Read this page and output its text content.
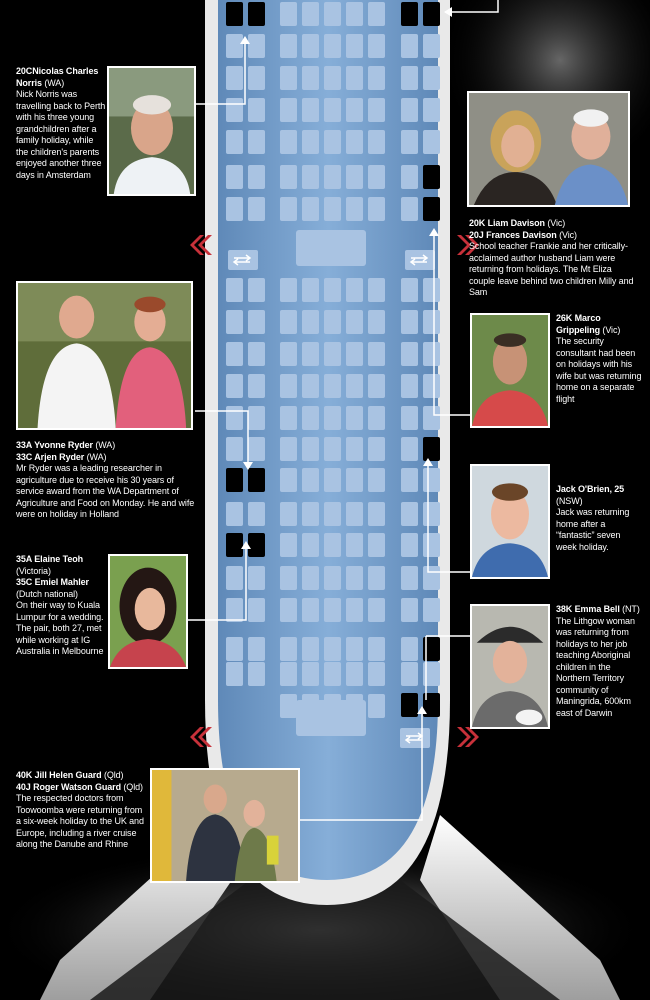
20CNicolas Charles Norris (WA)
Nick Norris was travelling back to Perth with his three young grandchildren after a family holiday, while the children's parents enjoyed another three days in Amsterdam
20K Liam Davison (Vic)
20J Frances Davison (Vic)
School teacher Frankie and her critically-acclaimed author husband Liam were returning from holidays. The Mt Eliza couple leave behind two children Milly and Sam
26K Marco Grippeling (Vic)
The security consultant had been on holidays with his wife but was returning home on a separate flight
33A Yvonne Ryder (WA)
33C Arjen Ryder (WA)
Mr Ryder was a leading researcher in agriculture due to receive his 30 years of service award from the WA Department of Agriculture and Food on Monday. He and wife were on holiday in Holland
Jack O'Brien, 25 (NSW)
Jack was returning home after a “fantastic” seven week holiday.
35A Elaine Teoh
(Victoria)
35C Emiel Mahler
(Dutch national)
On their way to Kuala Lumpur for a wedding. The pair, both 27, met while working at IG Australia in Melbourne
38K Emma Bell (NT)
The Lithgow woman was returning from holidays to her job teaching Aboriginal children in the Northern Territory community of Maningrida, 600km east of Darwin
40K Jill Helen Guard (Qld)
40J Roger Watson Guard (Qld)
The respected doctors from Toowoomba were returning from a six-week holiday to the UK and Europe, including a river cruise along the Danube and Rhine
